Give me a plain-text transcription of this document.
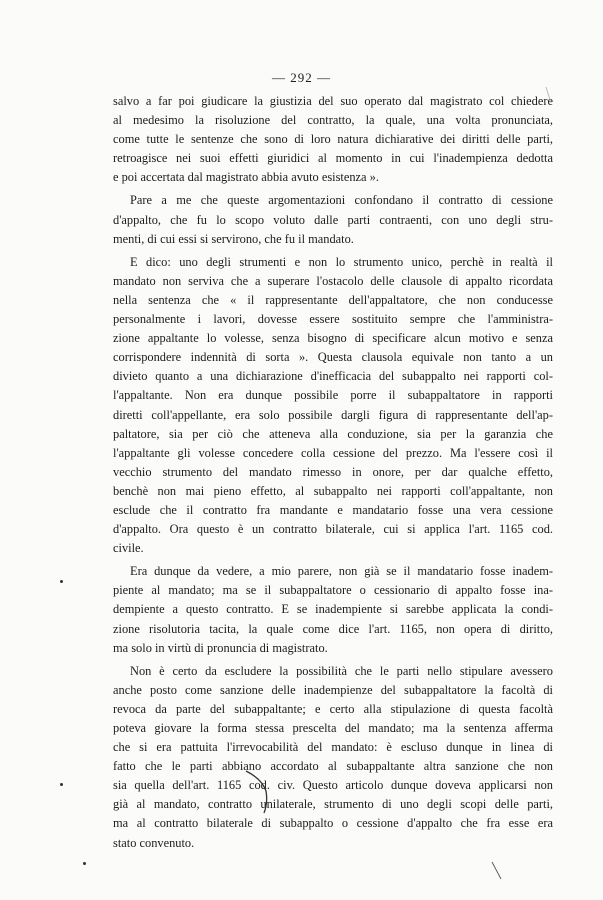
— 292 —
salvo a far poi giudicare la giustizia del suo operato dal magistrato col chiedere
al medesimo la risoluzione del contratto, la quale, una volta pronunciata,
come tutte le sentenze che sono di loro natura dichiarative dei diritti delle parti,
retroagisce nei suoi effetti giuridici al momento in cui l'inadempienza dedotta
e poi accertata dal magistrato abbia avuto esistenza ».
Pare a me che queste argomentazioni confondano il contratto di cessione
d'appalto, che fu lo scopo voluto dalle parti contraenti, con uno degli stru-
menti, di cui essi si servirono, che fu il mandato.
E dico: uno degli strumenti e non lo strumento unico, perchè in realtà il
mandato non serviva che a superare l'ostacolo delle clausole di appalto ricordata
nella sentenza che « il rappresentante dell'appaltatore, che non conducesse
personalmente i lavori, dovesse essere sostituito sempre che l'amministra-
zione appaltante lo volesse, senza bisogno di specificare alcun motivo e senza
corrispondere indennità di sorta ». Questa clausola equivale non tanto a un
divieto quanto a una dichiarazione d'inefficacia del subappalto nei rapporti col-
l'appaltante. Non era dunque possibile porre il subappaltatore in rapporti
diretti coll'appellante, era solo possibile dargli figura di rappresentante dell'ap-
paltatore, sia per ciò che atteneva alla conduzione, sia per la garanzia che
l'appaltante gli volesse concedere colla cessione del prezzo. Ma l'essere così il
vecchio strumento del mandato rimesso in onore, per dar qualche effetto,
benchè non mai pieno effetto, al subappalto nei rapporti coll'appaltante, non
esclude che il contratto fra mandante e mandatario fosse una vera cessione
d'appalto. Ora questo è un contratto bilaterale, cui si applica l'art. 1165 cod.
civile.
Era dunque da vedere, a mio parere, non già se il mandatario fosse inadem-
piente al mandato; ma se il subappaltatore o cessionario di appalto fosse ina-
dempiente a questo contratto. E se inadempiente si sarebbe applicata la condi-
zione risolutoria tacita, la quale come dice l'art. 1165, non opera di diritto,
ma solo in virtù di pronuncia di magistrato.
Non è certo da escludere la possibilità che le parti nello stipulare avessero
anche posto come sanzione delle inadempienze del subappaltatore la facoltà di
revoca da parte del subappaltante; e certo alla stipulazione di questa facoltà
poteva giovare la forma stessa prescelta del mandato; ma la sentenza afferma
che si era pattuita l'irrevocabilità del mandato: è escluso dunque in linea di
fatto che le parti abbiano accordato al subappaltante altra sanzione che non
sia quella dell'art. 1165 cod. civ. Questo articolo dunque doveva applicarsi non
già al mandato, contratto unilaterale, strumento di uno degli scopi delle parti,
ma al contratto bilaterale di subappalto o cessione d'appalto che fra esse era
stato convenuto.
